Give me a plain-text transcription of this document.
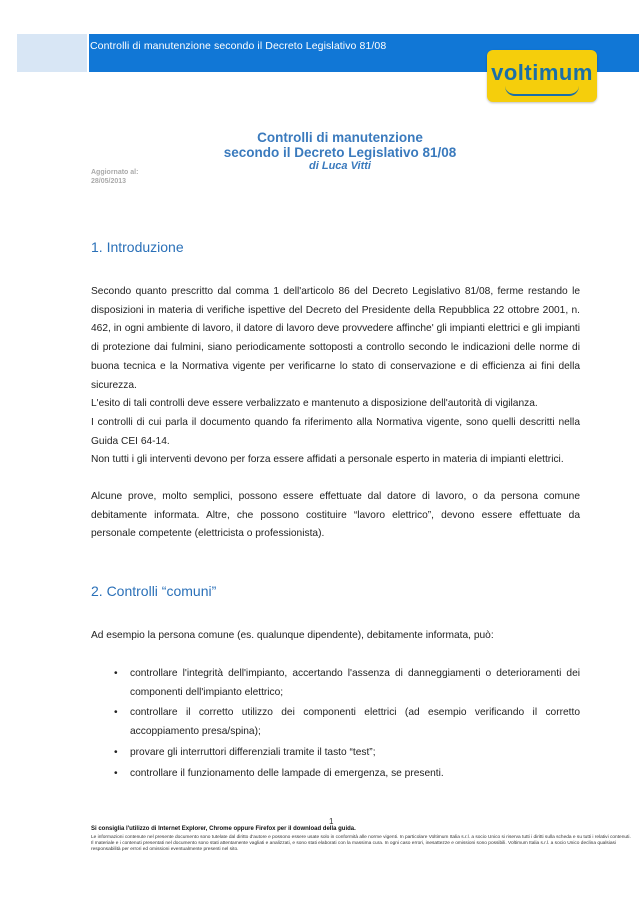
Controlli di manutenzione secondo il Decreto Legislativo 81/08
voltimum
Controlli di manutenzione
secondo il Decreto Legislativo 81/08
di Luca Vitti
Aggiornato al:
28/05/2013
1. Introduzione

Secondo quanto prescritto dal comma 1 dell'articolo 86 del Decreto Legislativo 81/08, ferme restando le disposizioni in materia di verifiche ispettive del Decreto del Presidente della Repubblica 22 ottobre 2001, n. 462, in ogni ambiente di lavoro, il datore di lavoro deve provvedere affinche' gli impianti elettrici e gli impianti di protezione dai fulmini, siano periodicamente sottoposti a controllo secondo le indicazioni delle norme di buona tecnica e la Normativa vigente per verificarne lo stato di conservazione e di efficienza ai fini della sicurezza.

L'esito di tali controlli deve essere verbalizzato e mantenuto a disposizione dell'autorità di vigilanza.

I controlli di cui parla il documento quando fa riferimento alla Normativa vigente, sono quelli descritti nella Guida CEI 64-14.

Non tutti i gli interventi devono per forza essere affidati a personale esperto in materia di impianti elettrici.

Alcune prove, molto semplici, possono essere effettuate dal datore di lavoro, o da persona comune debitamente informata. Altre, che possono costituire “lavoro elettrico”, devono essere effettuate da personale competente (elettricista o professionista).

2. Controlli “comuni”

Ad esempio la persona comune (es. qualunque dipendente), debitamente informata, può:

• controllare l'integrità dell'impianto, accertando l'assenza di danneggiamenti o deterioramenti dei componenti dell'impianto elettrico;
• controllare il corretto utilizzo dei componenti elettrici (ad esempio verificando il corretto accoppiamento presa/spina);
• provare gli interruttori differenziali tramite il tasto “test”;
• controllare il funzionamento delle lampade di emergenza, se presenti.
1
Si consiglia l'utilizzo di Internet Explorer, Chrome oppure Firefox per il download della guida.
Le informazioni contenute nel presente documento sono tutelate dal diritto d'autore e possono essere usate solo in conformità alle norme vigenti. In particolare Voltimum Italia s.r.l. a socio Unico si riserva tutti i diritti sulla scheda e su tutti i relativi contenuti. Il materiale e i contenuti presentati nel documento sono stati attentamente vagliati e analizzati, e sono stati elaborati con la massima cura. In ogni caso errori, inesattezze e omissioni sono possibili. Voltimum Italia s.r.l. a socio Unico declina qualsiasi responsabilità per errori ed omissioni eventualmente presenti nel sito.
